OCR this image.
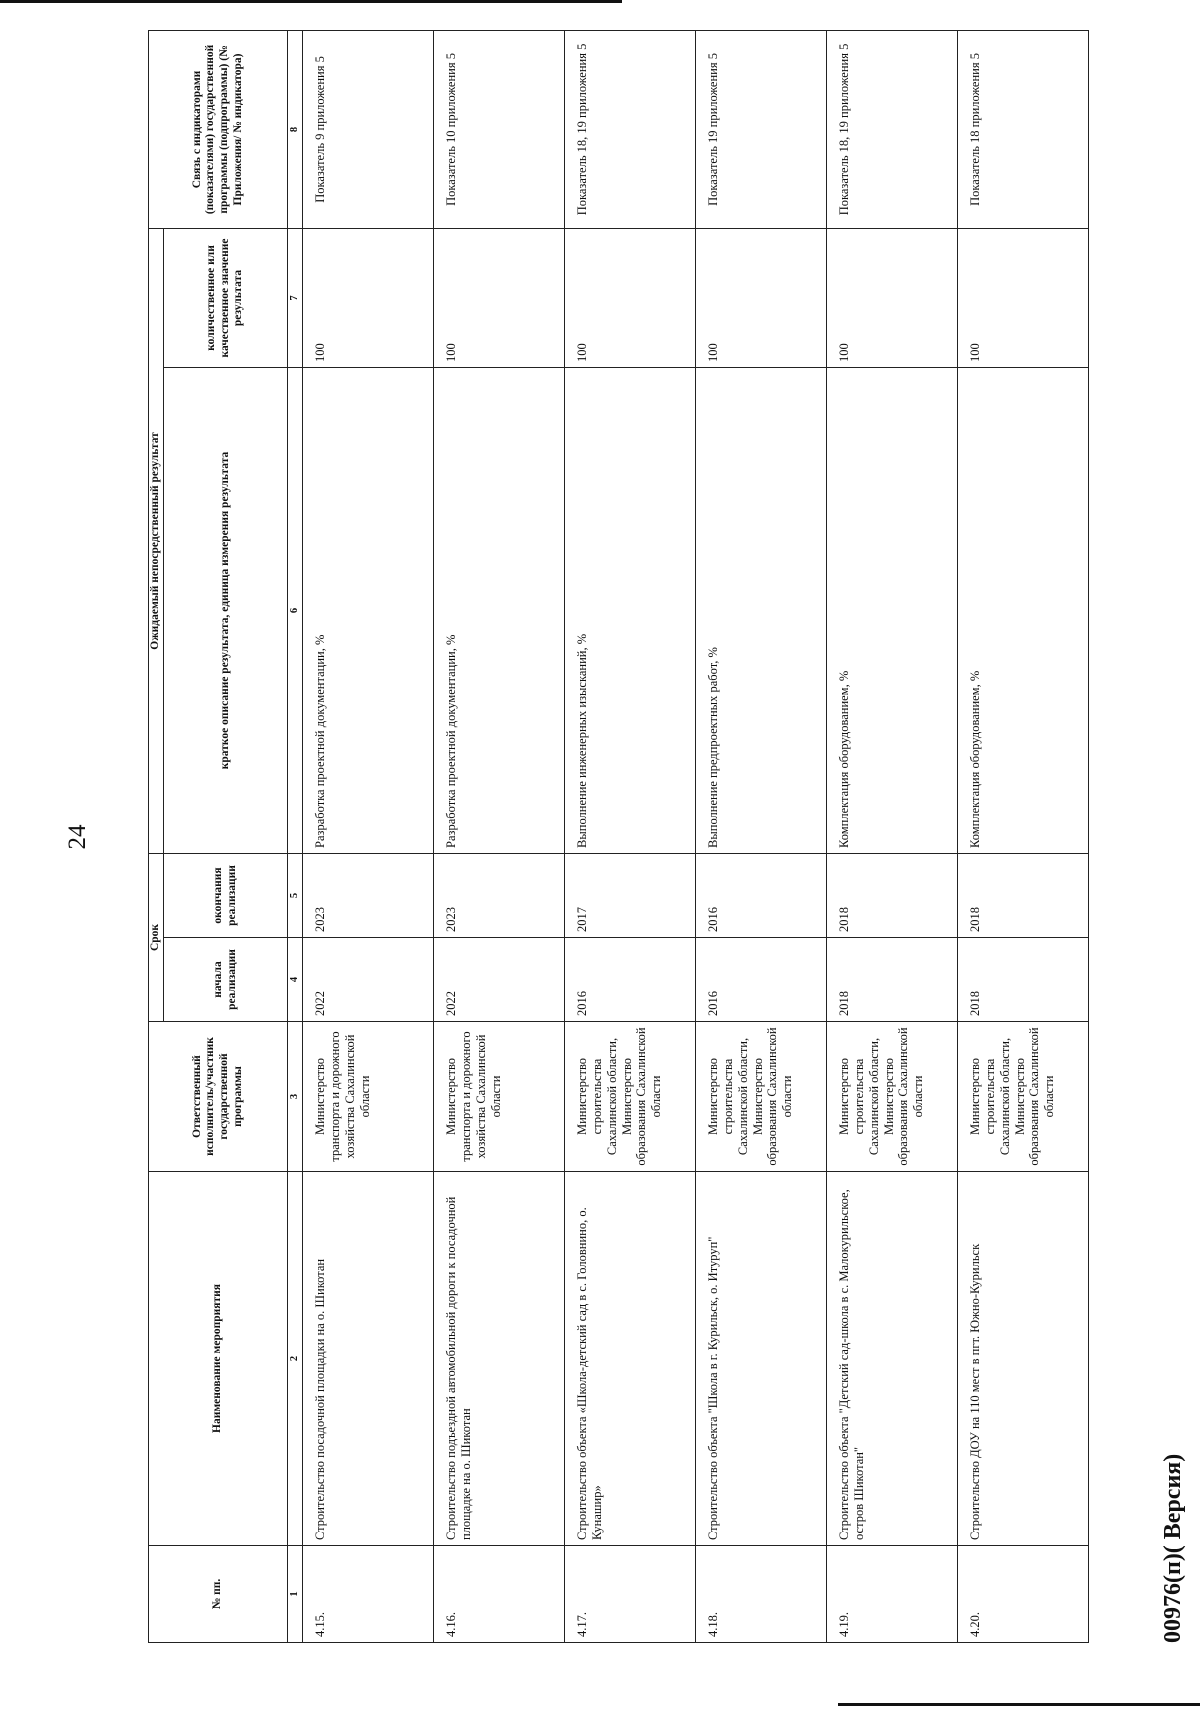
24
№ пп.	Наименование мероприятия	Ответственный исполнитель/участник государственной программы	Срок		Ожидаемый непосредственный результат		Связь с индикаторами (показателями) государственной программы (подпрограммы) (№ Приложения/ № индикатора)
			начала реализации	окончания реализации	краткое описание результата, единица измерения результата	количественное или качественное значение результата	
1	2	3	4	5	6	7	8
4.15.	Строительство посадочной площадки на о. Шикотан	Министерство транспорта и дорожного хозяйства Сахалинской области	2022	2023	Разработка проектной документации, %	100	Показатель 9 приложения 5
4.16.	Строительство подъездной автомобильной дороги к посадочной площадке на о. Шикотан	Министерство транспорта и дорожного хозяйства Сахалинской области	2022	2023	Разработка проектной документации, %	100	Показатель 10 приложения 5
4.17.	Строительство объекта «Школа-детский сад в с. Головнино, о. Кунашир»	Министерство строительства Сахалинской области, Министерство образования Сахалинской области	2016	2017	Выполнение инженерных изысканий, %	100	Показатель 18, 19 приложения 5
4.18.	Строительство объекта "Школа в г. Курильск, о. Итуруп"	Министерство строительства Сахалинской области, Министерство образования Сахалинской области	2016	2016	Выполнение предпроектных работ, %	100	Показатель 19 приложения 5
4.19.	Строительство объекта "Детский сад-школа в с. Малокурильское, остров Шикотан"	Министерство строительства Сахалинской области, Министерство образования Сахалинской области	2018	2018	Комплектация оборудованием, %	100	Показатель 18, 19 приложения 5
4.20.	Строительство ДОУ на 110 мест в пгт. Южно-Курильск	Министерство строительства Сахалинской области, Министерство образования Сахалинской области	2018	2018	Комплектация оборудованием, %	100	Показатель 18 приложения 5
00976(п)( Версия)
